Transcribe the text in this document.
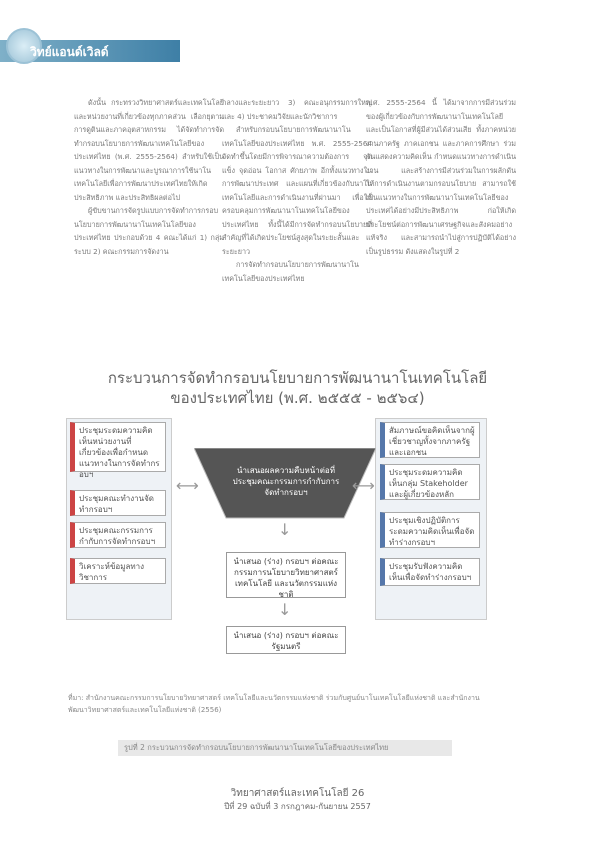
วิทย์แอนด์เวิลด์

ดังนั้น กระทรวงวิทยาศาสตร์และเทคโนโลยีและหน่วยงานที่เกี่ยวข้องทุกภาคส่วน เลือกยุตามการดูตินและภาคอุตสาหกรรม ได้จัดทำการจัดทำกรอบนโยบายการพัฒนาเทคโนโลยีของประเทศไทย (พ.ศ. 2555-2564) สำหรับใช้เป็นแนวทางในการพัฒนาและบูรณาการใช้นาโนเทคโนโลยีเพื่อการพัฒนาประเทศไทยให้เกิดประสิทธิภาพ และประสิทธิผลต่อไป

ผู้ขับขานการจัดรูปแบบการจัดทำการกรอบนโยบายการพัฒนานาโนเทคโนโลยีของประเทศไทย ประกอบด้วย 4 คณะได้แก่ 1) กลุ่มระบบ 2) คณะกรรมการจัดงาน

กลางและระยะยาว 3) คณะอนุกรรมการใหญ่และ 4) ประชาคมวิจัยและนักวิชาการ

สำหรับกรอบนโยบายการพัฒนานาโนเทคโนโลยีของประเทศไทย พ.ศ. 2555-2564 จัดทำขึ้นโดยมีการพิจารณาความต้องการ จุดแข็ง จุดอ่อน โอกาส ศักยภาพ อีกทั้งแนวทางในการพัฒนาประเทศ และแผนที่เกี่ยวข้องกับนาโนเทคโนโลยีและการดำเนินงานที่ผ่านมา เพื่อให้ครอบคลุมการพัฒนานาโนเทคโนโลยีของประเทศไทย ทั้งนี้ได้มีการจัดทำกรอบนโยบายที่สำคัญที่ได้เกิดประโยชน์สูงสุดในระยะสั้นและระยะยาว

การจัดทำกรอบนโยบายการพัฒนานาโนเทคโนโลยีของประเทศไทย

พ.ศ. 2555-2564 นี้ ได้มาจากการมีส่วนร่วมของผู้เกี่ยวข้องกับการพัฒนานาโนเทคโนโลยี และเป็นโอกาสที่ผู้มีส่วนได้ส่วนเสีย ทั้งภาคหน่วยงานภาครัฐ ภาคเอกชน และภาคการศึกษา ร่วมกันแสดงความคิดเห็น กำหนดแนวทางการดำเนินงาน และสร้างการมีส่วนร่วมในการผลักดันให้การดำเนินงานตามกรอบนโยบาย สามารถใช้เป็นแนวทางในการพัฒนานาโนเทคโนโลยีของประเทศได้อย่างมีประสิทธิภาพ ก่อให้เกิดประโยชน์ต่อการพัฒนาเศรษฐกิจและสังคมอย่างแท้จริง และสามารถนำไปสู่การปฏิบัติได้อย่างเป็นรูปธรรม ดังแสดงในรูปที่ 2

กระบวนการจัดทำกรอบนโยบายการพัฒนานาโนเทคโนโลยี
ของประเทศไทย (พ.ศ. ๒๕๕๕ - ๒๕๖๔)
ประชุมระดมความคิดเห็นหน่วยงานที่เกี่ยวข้องเพื่อกำหนดแนวทางในการจัดทำกรอบฯ
ประชุมคณะทำงานจัดทำกรอบฯ
ประชุมคณะกรรมการกำกับการจัดทำกรอบฯ
วิเคราะห์ข้อมูลทางวิชาการ
สัมภาษณ์ขอคิดเห็นจากผู้เชี่ยวชาญทั้งจากภาครัฐและเอกชน
ประชุมระดมความคิดเห็นกลุ่ม Stakeholder และผู้เกี่ยวข้องหลัก
ประชุมเชิงปฏิบัติการระดมความคิดเห็นเพื่อจัดทำร่างกรอบฯ
ประชุมรับฟังความคิดเห็นเพื่อจัดทำร่างกรอบฯ
นำเสนอผลความคืบหน้าต่อที่ประชุมคณะกรรมการกำกับการจัดทำกรอบฯ
นำเสนอ (ร่าง) กรอบฯ ต่อคณะกรรมการนโยบายวิทยาศาสตร์ เทคโนโลยี และนวัตกรรมแห่งชาติ
นำเสนอ (ร่าง) กรอบฯ ต่อคณะรัฐมนตรี
⟷	⟷
↓
↓
ที่มา: สำนักงานคณะกรรมการนโยบายวิทยาศาสตร์ เทคโนโลยีและนวัตกรรมแห่งชาติ ร่วมกับศูนย์นาโนเทคโนโลยีแห่งชาติ และสำนักงานพัฒนาวิทยาศาสตร์และเทคโนโลยีแห่งชาติ (2556)
รูปที่ 2 กระบวนการจัดทำกรอบนโยบายการพัฒนานาโนเทคโนโลยีของประเทศไทย
วิทยาศาสตร์และเทคโนโลยี 26
ปีที่ 29 ฉบับที่ 3 กรกฎาคม-กันยายน 2557
